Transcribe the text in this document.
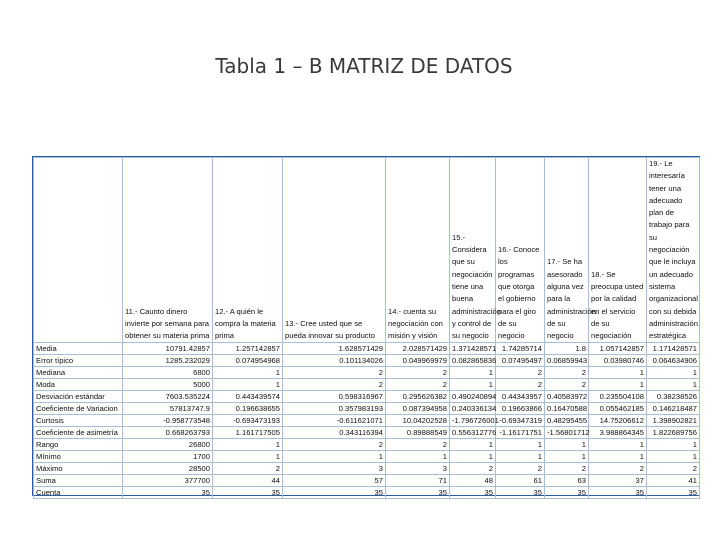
Tabla 1 – B MATRIZ DE DATOS
	11.- Caunto dinero invierte por semana para obtener su materia prima	12.- A quién le compra la materia prima	13.- Cree usted que se pueda innovar su producto	14.- cuenta su negociación con misión y visión	15.- Considera que su negociación tiene una buena administración y control de su negocio	16.- Conoce los programas que otorga el gobierno para el giro de su negocio	17.- Se ha asesorado alguna vez para la administración de su negocio	18.- Se preocupa usted por la calidad en el servicio de su negociación	19.- Le interesaría tener una adecuado plan de trabajo para su negociación que le incluya un adecuado sistema organizacional con su debida administración estratégica
Media	10791.42857	1.257142857	1.628571429	2.028571429	1.371428571	1.74285714	1.8	1.057142857	1.171428571
Error típico	1285.232029	0.074954968	0.101134026	0.049969979	0.082865836	0.07495497	0.06859943	0.03980746	0.064634906
Mediana	6800	1	2	2	1	2	2	1	1
Moda	5000	1	2	2	1	2	2	1	1
Desviación estándar	7603.535224	0.443439574	0.598316967	0.295626382	0.490240894	0.44343957	0.40583972	0.235504108	0.38238526
Coeficiente de Variacion	57813747.9	0.196638655	0.357983193	0.087394958	0.240336134	0.19663866	0.16470588	0.055462185	0.146218487
Curtosis	-0.958773548	-0.693473193	-0.611621071	10.04202528	-1.796726001	-0.69347319	0.48295455	14.75206612	1.398902821
Coeficiente de asimetría	0.668263793	1.161717505	0.343116394	0.89888549	0.556312776	-1.16171751	-1.56801712	3.988864345	1.822689756
Rango	26800	1	2	2	1	1	1	1	1
Mínimo	1700	1	1	1	1	1	1	1	1
Máximo	28500	2	3	3	2	2	2	2	2
Suma	377700	44	57	71	48	61	63	37	41
Cuenta	35	35	35	35	35	35	35	35	35
